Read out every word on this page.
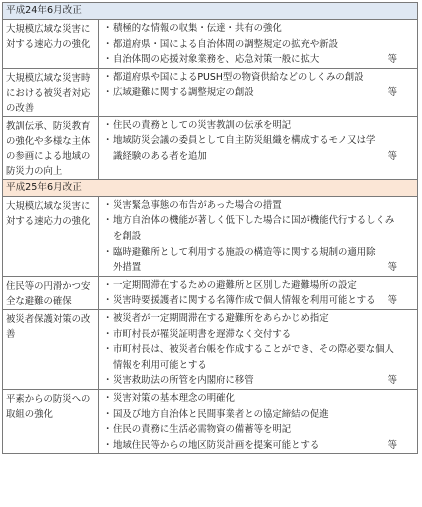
平成24年6月改正
大規模広域な災害に対する速応力の強化
・ 積極的な情報の収集・伝達・共有の強化
・ 都道府県・国による自治体間の調整規定の拡充や新設
・ 自治体間の応援対象業務を、応急対策一般に拡大	等
大規模広域な災害時における被災者対応の改善
・ 都道府県や国によるPUSH型の物資供給などのしくみの創設
・ 広域避難に関する調整規定の創設	等
教訓伝承、防災教育の強化や多様な主体の参画による地域の防災力の向上
・ 住民の責務としての災害教訓の伝承を明記
・ 地域防災会議の委員として自主防災組織を構成するモノ又は学識経験のある者を追加	等
平成25年6月改正
大規模広域な災害に対する速応力の強化
・ 災害緊急事態の布告があった場合の措置
・ 地方自治体の機能が著しく低下した場合に国が機能代行するしくみを創設
・ 臨時避難所として利用する施設の構造等に関する規制の適用除外措置	等
住民等の円滑かつ安全な避難の確保
・ 一定期間滞在するための避難所と区別した避難場所の設定
・ 災害時要援護者に関する名簿作成で個人情報を利用可能とする	等
被災者保護対策の改善
・ 被災者が一定期間滞在する避難所をあらかじめ指定
・ 市町村長が罹災証明書を遅滞なく交付する
・ 市町村長は、被災者台帳を作成することができ、その際必要な個人情報を利用可能とする
・ 災害救助法の所管を内閣府に移管	等
平素からの防災への取組の強化
・ 災害対策の基本理念の明確化
・ 国及び地方自治体と民間事業者との協定締結の促進
・ 住民の責務に生活必需物資の備蓄等を明記
・ 地域住民等からの地区防災計画を提案可能とする	等
